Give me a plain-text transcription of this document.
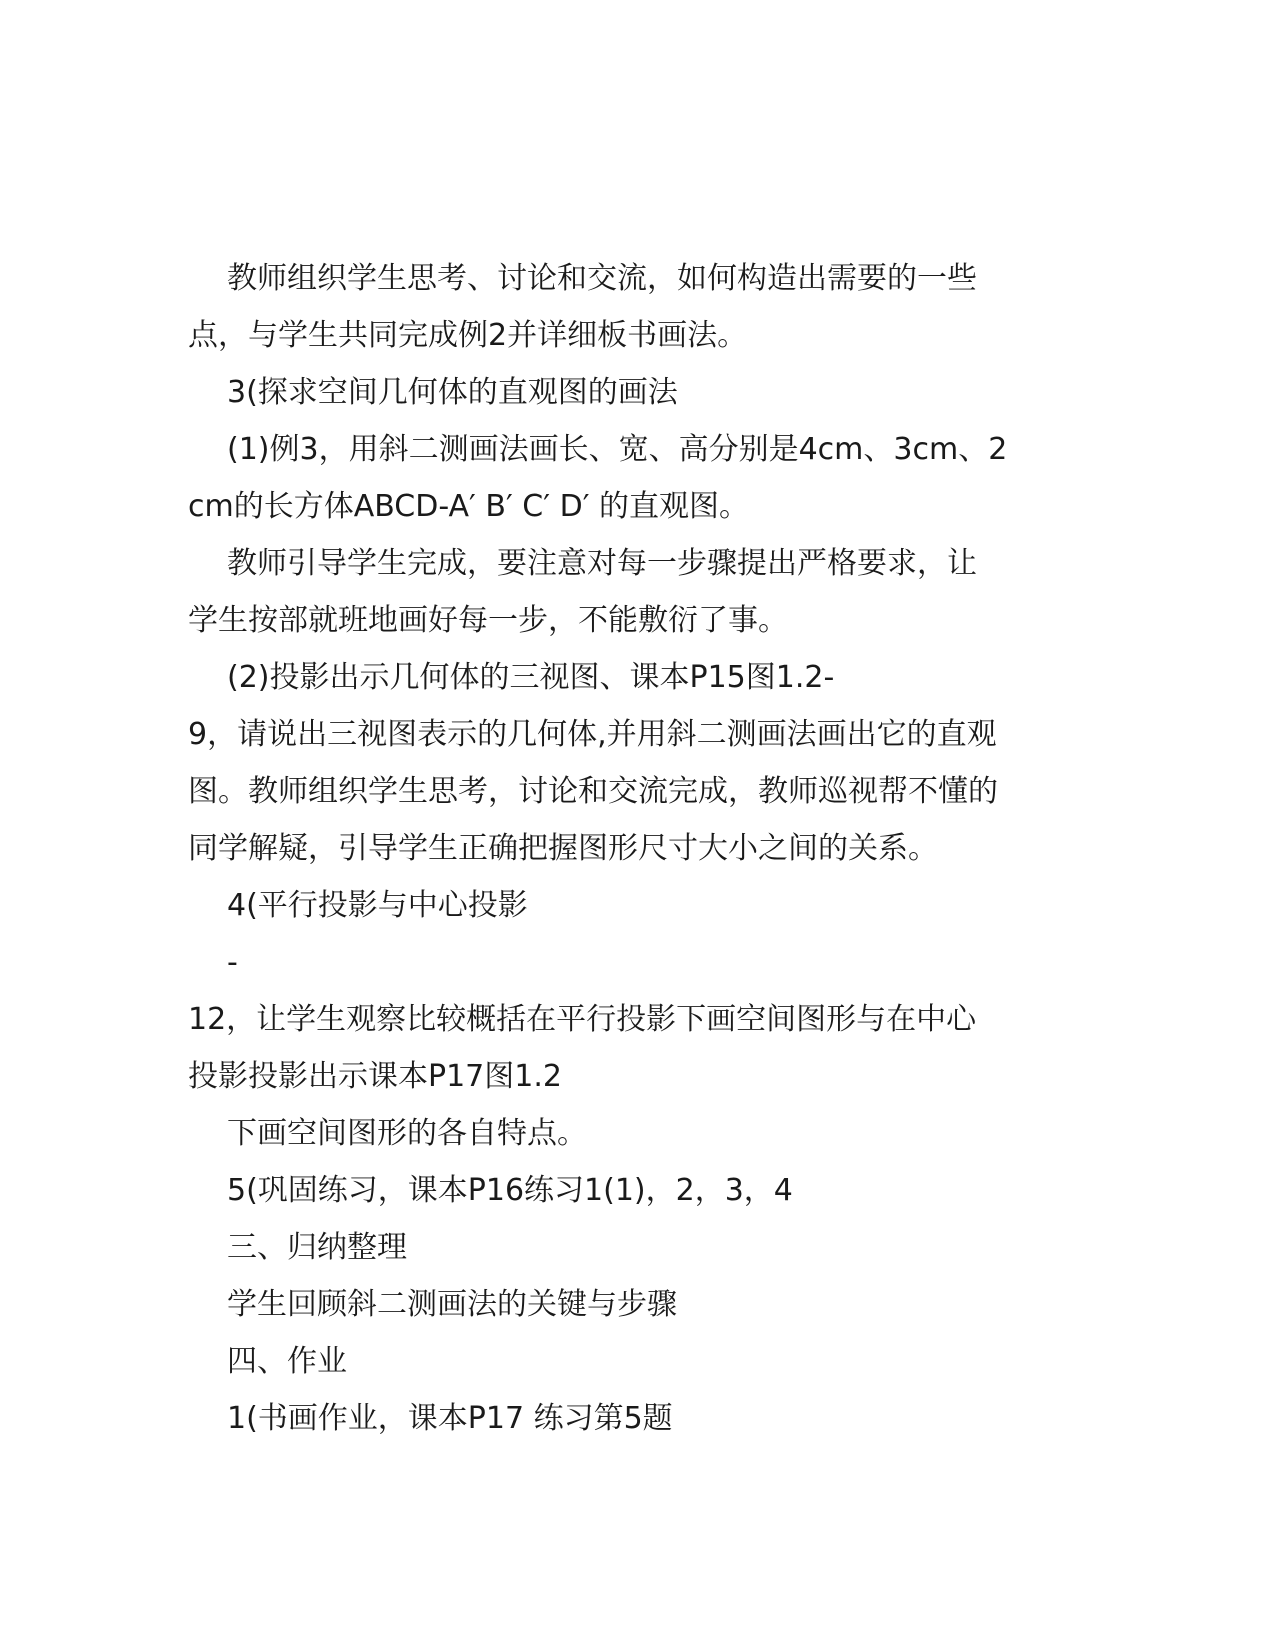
教师组织学生思考、讨论和交流，如何构造出需要的一些
点，与学生共同完成例2并详细板书画法。
3(探求空间几何体的直观图的画法
(1)例3，用斜二测画法画长、宽、高分别是4cm、3cm、2
cm的长方体ABCD-A′ B′ C′ D′ 的直观图。
教师引导学生完成，要注意对每一步骤提出严格要求，让
学生按部就班地画好每一步，不能敷衍了事。
(2)投影出示几何体的三视图、课本P15图1.2-
9，请说出三视图表示的几何体,并用斜二测画法画出它的直观
图。教师组织学生思考，讨论和交流完成，教师巡视帮不懂的
同学解疑，引导学生正确把握图形尺寸大小之间的关系。
4(平行投影与中心投影
-
12，让学生观察比较概括在平行投影下画空间图形与在中心
投影投影出示课本P17图1.2
下画空间图形的各自特点。
5(巩固练习，课本P16练习1(1)，2，3，4
三、归纳整理
学生回顾斜二测画法的关键与步骤
四、作业
1(书画作业，课本P17 练习第5题
